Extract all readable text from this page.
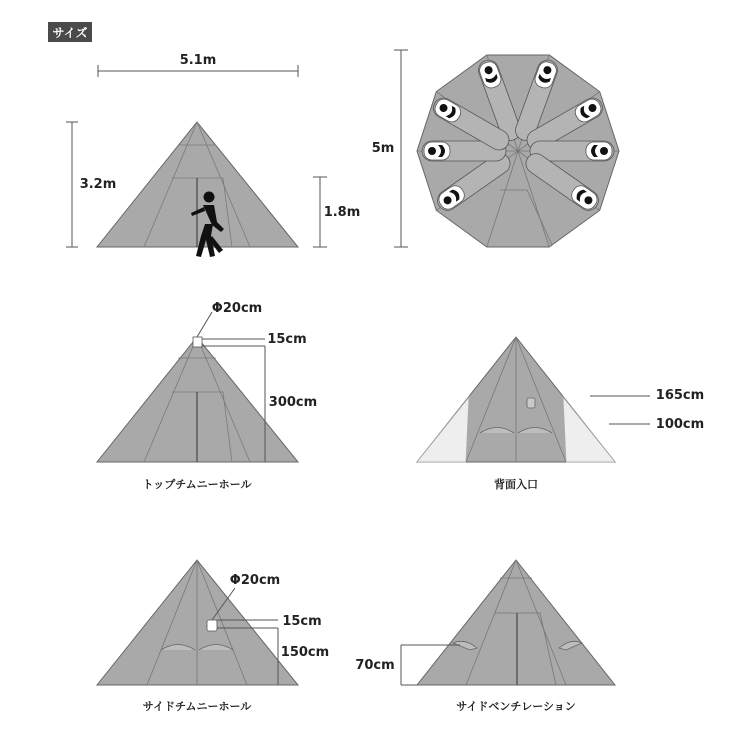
サイズ
5.1m
3.2m
1.8m
5m
Φ20cm
15cm
300cm
トップチムニーホール
165cm
100cm
背面入口
Φ20cm
15cm
150cm
サイドチムニーホール
70cm
サイドベンチレーション
